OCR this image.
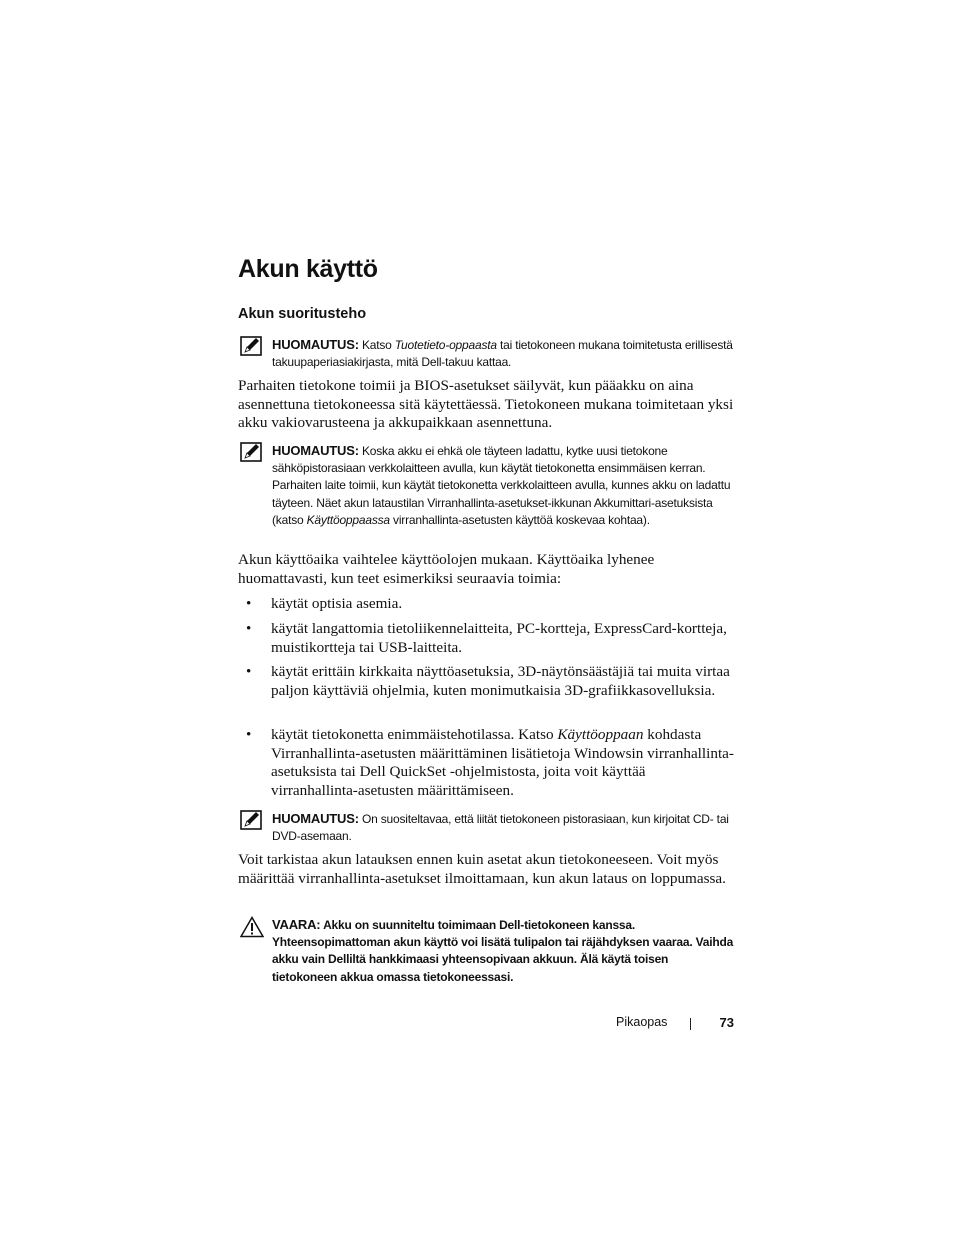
Akun käyttö
Akun suoritusteho
HUOMAUTUS: Katso Tuotetieto-oppaasta tai tietokoneen mukana toimitetusta erillisestä takuupaperiasiakirjasta, mitä Dell-takuu kattaa.

Parhaiten tietokone toimii ja BIOS-asetukset säilyvät, kun pääakku on aina asennettuna tietokoneessa sitä käytettäessä. Tietokoneen mukana toimitetaan yksi akku vakiovarusteena ja akkupaikkaan asennettuna.

HUOMAUTUS: Koska akku ei ehkä ole täyteen ladattu, kytke uusi tietokone sähköpistorasiaan verkkolaitteen avulla, kun käytät tietokonetta ensimmäisen kerran. Parhaiten laite toimii, kun käytät tietokonetta verkkolaitteen avulla, kunnes akku on ladattu täyteen. Näet akun lataustilan Virranhallinta-asetukset-ikkunan Akkumittari-asetuksista (katso Käyttöoppaassa virranhallinta-asetusten käyttöä koskevaa kohtaa).

Akun käyttöaika vaihtelee käyttöolojen mukaan. Käyttöaika lyhenee huomattavasti, kun teet esimerkiksi seuraavia toimia:

• käytät optisia asemia.
• käytät langattomia tietoliikennelaitteita, PC-kortteja, ExpressCard-kortteja, muistikortteja tai USB-laitteita.
• käytät erittäin kirkkaita näyttöasetuksia, 3D-näytönsäästäjiä tai muita virtaa paljon käyttäviä ohjelmia, kuten monimutkaisia 3D-grafiikkasovelluksia.
• käytät tietokonetta enimmäistehotilassa. Katso Käyttöoppaan kohdasta Virranhallinta-asetusten määrittäminen lisätietoja Windowsin virranhallinta-asetuksista tai Dell QuickSet -ohjelmistosta, joita voit käyttää virranhallinta-asetusten määrittämiseen.
HUOMAUTUS: On suositeltavaa, että liität tietokoneen pistorasiaan, kun kirjoitat CD- tai DVD-asemaan.

Voit tarkistaa akun latauksen ennen kuin asetat akun tietokoneeseen. Voit myös määrittää virranhallinta-asetukset ilmoittamaan, kun akun lataus on loppumassa.

VAARA: Akku on suunniteltu toimimaan Dell-tietokoneen kanssa. Yhteensopimattoman akun käyttö voi lisätä tulipalon tai räjähdyksen vaaraa. Vaihda akku vain Delliltä hankkimaasi yhteensopivaan akkuun. Älä käytä toisen tietokoneen akkua omassa tietokoneessasi.
Pikaopas	73
